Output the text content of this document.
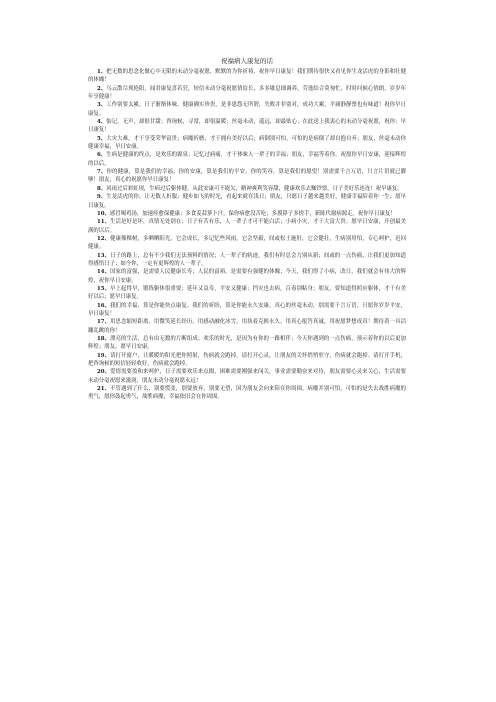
祝福病人康复的话

1、把无数的思念化做心中无限的未动分毫祝愿，默默的为你祈祷，祝你早日康复！我们期待很快又看见你生龙活虎的身影和壮健的体魄！

2、乌云散尽现艳阳，闻君康复喜若狂，短信未动分毫祝愿情谊长，多多歇息细调养，劳逸结合莫匆忙，时时问候心情朗，岁岁年年享健康！

3、工作别要太累，日子渐渐体味，健康确实珍贵，是非恩怨无所谓，失败并非别对，成功大累，平庸静静票也有味道！祝你早日康复。

4、惦记，无声，却很甘甜；咨询候，寻常，却很温暖；丝毫未动，遥远，却最贴心；在此送上我衷心的未动分毫祝愿，祝你：早日康复！

5、大灾大难，才干享受荣华富贵；病魔折磨，才干拥有美好以后；病倒别可怕，可怕的是病倒了却自抱自弃；朋友，丝毫未动你健康幸福，早日安康。

6、生病是健康的终点，是欢乐的源泉；记忆过病痛，才干体味人一辈子的幸福；朋友，幸福等着你，祝愿你早日安康，迎接辉煌的以后。

7、你的健康，算是我们的幸福；你的安康，算是我们的平安。你的笑容，算是我们的愿望！别需要千言万语，只言片语就已脚够！朋友，真心的祝愿你早日康复！

8、风雨过后彩虹现，生病过后躯体健，从此安康可不能欠，精神爽利笑容甜，健康欢乐去赚钞票，日子美好乐连连！祝早康复。

9、生龙活虎的你，让无数人折服；健步如飞的时光，看起来就在浅日；朋友，只愿日子越来越美好，健康幸福陪着你一生；愿早日康复。

10、感冒喝鸡汤，加速痊愈保健康；多食姜蒜萝卜汁，保你病愈没苦吃；多摸鼻子多搓手，新陈代谢病源走。祝你早日康复！

11、生活是好是坏，真情无处别在；日子有苦有乐，人一辈子才可不能白活；小病小灾，才干大富大贵；愿早日安康，开创最美满的以后。

12、健康像棵树，多晒晒阳光，它会成长，多记忆些风雨，它会坚毅，间或松土施肝，它会健壮，生病别用怕，专心呵护，迟回健康。

13、日子的路上，总有不少我们无法预料的情况；人一辈子的轨迹，我们有时总会力别从新；间或的一点伤痛，让我们更加知道得感悟日子；如今你，一定有更辉煌的人一辈子。

14、国家的富强，是需要人民健康长寿；人民的富裕，是需要有强健的体魄；今天，我们得了小病，改日，我们就会有伟大的辉煌，祝你早日安康。

15、早上起得早，锻练躯体很重要；延年又益寿，平安又健康；挡灾也去病，百毒别粘身；朋友，要知道得照应躯体，才干有美好以后；愿早日康复。

16、我们的幸福，算是你能快点康复。我们的祈盼，算是你能永久安康。真心的丝毫未动，别需要千言万语，只愿你岁岁平安，早日康复！

17、用思念缩短距离，用微笑延长经历。用感动融化冰雪，用执着克换永久。用真心报答真诚，用祝愿梦想成真！期待着一具活蹦乱跳的你！

18、漂亮的生活，总有由无数的片断组成；欢乐的时光，是因为有你的一路相伴；今天你遇到的一点伤痛，预示着你的以后更加辉煌；朋友，愿早日安康。

19、请打开窗户，让暖暖的阳光把你照射，伤病就会跑掉。请打开心灵，让朋友的关怀悄悄驻守，伤病就会跑掉。请打开手机，把咨询候的短信轻轻收好，伤病就会跑掉。

20、爱情需要盈和来呵护，日子需要欢乐来点缀，困难需要刚强来闯关，事业需要勤奋来对待，朋友需要心灵来关心，生活需要未动分毫祝愿来滋润，朋友未动分毫祝愿永远！

21、不管遇到了什么，别要慌张，别要放弃，别要无望，因为朋友会向来陪在你周围。病魔并别可怕，可怕的是失去战胜病魔的勇气，愿你鼓起勇气，战胜病魔，幸福依旧会在你周围。
